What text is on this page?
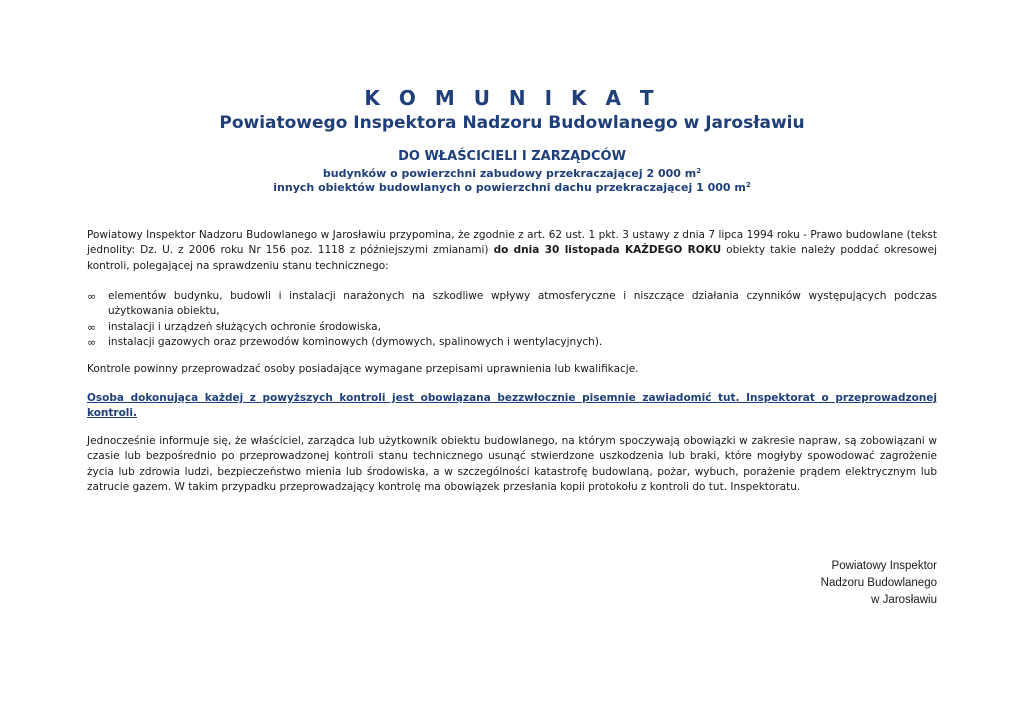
K O M U N I K A T
Powiatowego Inspektora Nadzoru Budowlanego w Jarosławiu
DO WŁAŚCICIELI I ZARZĄDCÓW
budynków o powierzchni zabudowy przekraczającej 2 000 $m^2$
innych obiektów budowlanych o powierzchni dachu przekraczającej 1 000 $m^2$
Powiatowy Inspektor Nadzoru Budowlanego w Jarosławiu przypomina, że zgodnie z art. 62 ust. 1 pkt. 3 ustawy z dnia 7 lipca 1994 roku - Prawo budowlane (tekst jednolity: Dz. U. z 2006 roku Nr 156 poz. 1118 z późniejszymi zmianami) do dnia 30 listopada KAŻDEGO ROKU obiekty takie należy poddać okresowej kontroli, polegającej na sprawdzeniu stanu technicznego:
∞ elementów budynku, budowli i instalacji narażonych na szkodliwe wpływy atmosferyczne i niszczące działania czynników występujących podczas użytkowania obiektu,
∞ instalacji i urządzeń służących ochronie środowiska,
∞ instalacji gazowych oraz przewodów kominowych (dymowych, spalinowych i wentylacyjnych).
Kontrole powinny przeprowadzać osoby posiadające wymagane przepisami uprawnienia lub kwalifikacje.
Osoba dokonująca każdej z powyższych kontroli jest obowiązana bezzwłocznie pisemnie zawiadomić tut. Inspektorat o przeprowadzonej kontroli.
Jednocześnie informuje się, że właściciel, zarządca lub użytkownik obiektu budowlanego, na którym spoczywają obowiązki w zakresie napraw, są zobowiązani w czasie lub bezpośrednio po przeprowadzonej kontroli stanu technicznego usunąć stwierdzone uszkodzenia lub braki, które mogłyby spowodować zagrożenie życia lub zdrowia ludzi, bezpieczeństwo mienia lub środowiska, a w szczególności katastrofę budowlaną, pożar, wybuch, porażenie prądem elektrycznym lub zatrucie gazem. W takim przypadku przeprowadzający kontrolę ma obowiązek przesłania kopii protokołu z kontroli do tut. Inspektoratu.
Powiatowy Inspektor
Nadzoru Budowlanego
w Jarosławiu
